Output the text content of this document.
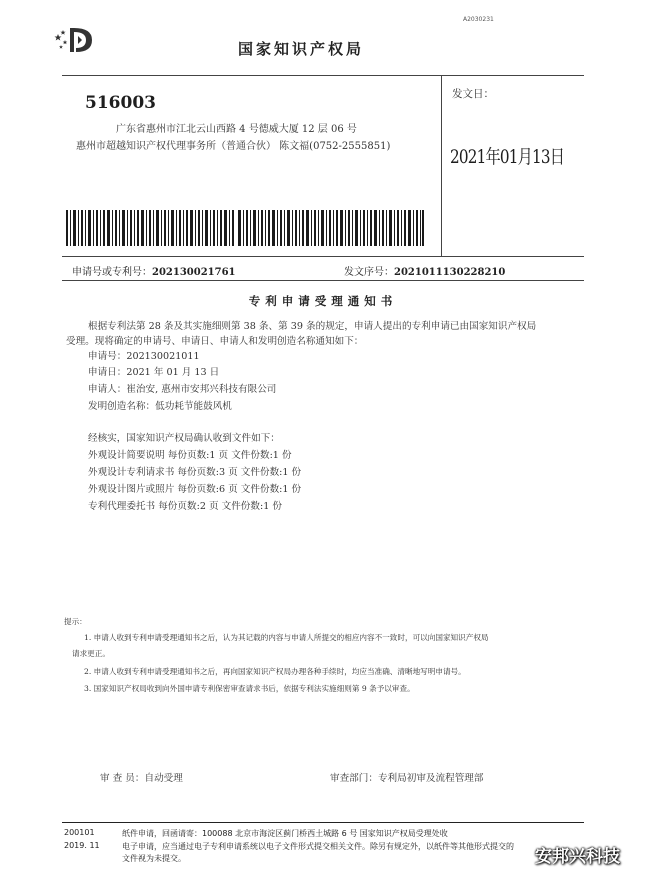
A2030231
国家知识产权局
516003
广东省惠州市江北云山西路 4 号德威大厦 12 层 06 号
惠州市超越知识产权代理事务所（普通合伙） 陈文福(0752-2555851)
发文日：
2021年01月13日
申请号或专利号：202130021761	发文序号：2021011130228210
专利申请受理通知书
根据专利法第 28 条及其实施细则第 38 条、第 39 条的规定，申请人提出的专利申请已由国家知识产权局
受理。现将确定的申请号、申请日、申请人和发明创造名称通知如下：
申请号：202130021011
申请日：2021 年 01 月 13 日
申请人：崔治安, 惠州市安邦兴科技有限公司
发明创造名称：低功耗节能鼓风机
经核实，国家知识产权局确认收到文件如下：
外观设计简要说明 每份页数:1 页 文件份数:1 份
外观设计专利请求书 每份页数:3 页 文件份数:1 份
外观设计图片或照片 每份页数:6 页 文件份数:1 份
专利代理委托书 每份页数:2 页 文件份数:1 份
提示：
1. 申请人收到专利申请受理通知书之后，认为其记载的内容与申请人所提交的相应内容不一致时，可以向国家知识产权局
请求更正。
2. 申请人收到专利申请受理通知书之后，再向国家知识产权局办理各种手续时，均应当准确、清晰地写明申请号。
3. 国家知识产权局收到向外国申请专利保密审查请求书后，依据专利法实施细则第 9 条予以审查。
审 查 员：自动受理	审查部门：专利局初审及流程管理部
200101	纸件申请，回函请寄：100088 北京市海淀区蓟门桥西土城路 6 号 国家知识产权局受理处收
2019. 11	电子申请，应当通过电子专利申请系统以电子文件形式提交相关文件。除另有规定外，以纸件等其他形式提交的
文件视为未提交。	安邦兴科技
